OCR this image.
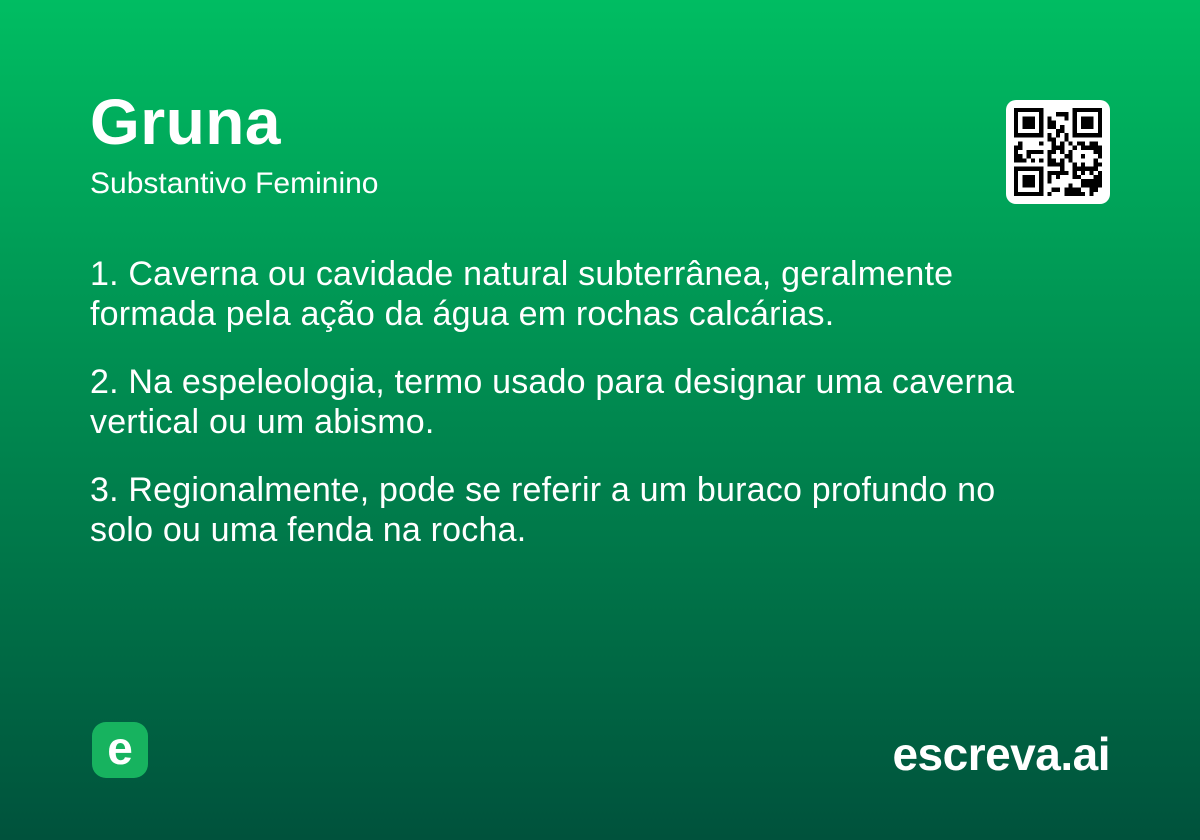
Gruna
Substantivo Feminino

1. Caverna ou cavidade natural subterrânea, geralmente formada pela ação da água em rochas calcárias.

2. Na espeleologia, termo usado para designar uma caverna vertical ou um abismo.

3. Regionalmente, pode se referir a um buraco profundo no solo ou uma fenda na rocha.

e	escreva.ai
